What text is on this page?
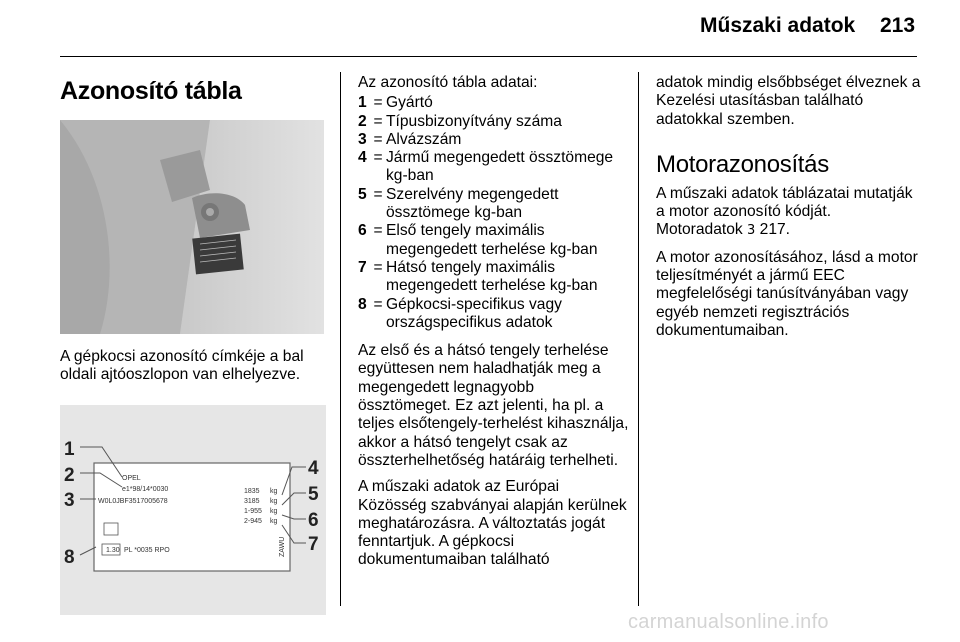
Műszaki adatok 213
Azonosító tábla

A gépkocsi azonosító címkéje a bal oldali ajtóoszlopon van elhelyezve.

1
2
3
4
5
6
7
8
OPEL
e1*98/14*0030
W0L0JBF3517005678
1835
3185
1-955
2-945
kg
kg
kg
kg
1.30 PL *0035 RPO	ZAWU

Az azonosító tábla adatai:

1 = Gyártó
2 = Típusbizonyítvány száma
3 = Alvázszám
4 = Jármű megengedett össztömege kg-ban
5 = Szerelvény megengedett össztömege kg-ban
6 = Első tengely maximális megengedett terhelése kg-ban
7 = Hátsó tengely maximális megengedett terhelése kg-ban
8 = Gépkocsi-specifikus vagy országspecifikus adatok

Az első és a hátsó tengely terhelése együttesen nem haladhatják meg a megengedett legnagyobb össztömeget. Ez azt jelenti, ha pl. a teljes elsőtengely-terhelést kihasználja, akkor a hátsó tengelyt csak az összterhelhetőség határáig terhelheti.

A műszaki adatok az Európai Közösség szabványai alapján kerülnek meghatározásra. A változtatás jogát fenntartjuk. A gépkocsi dokumentumaiban található

adatok mindig elsőbbséget élveznek a Kezelési utasításban található adatokkal szemben.

Motorazonosítás

A műszaki adatok táblázatai mutatják a motor azonosító kódját.

Motoradatok 3 217.

A motor azonosításához, lásd a motor teljesítményét a jármű EEC megfelelőségi tanúsítványában vagy egyéb nemzeti regisztrációs dokumentumaiban.

carmanualsonline.info
